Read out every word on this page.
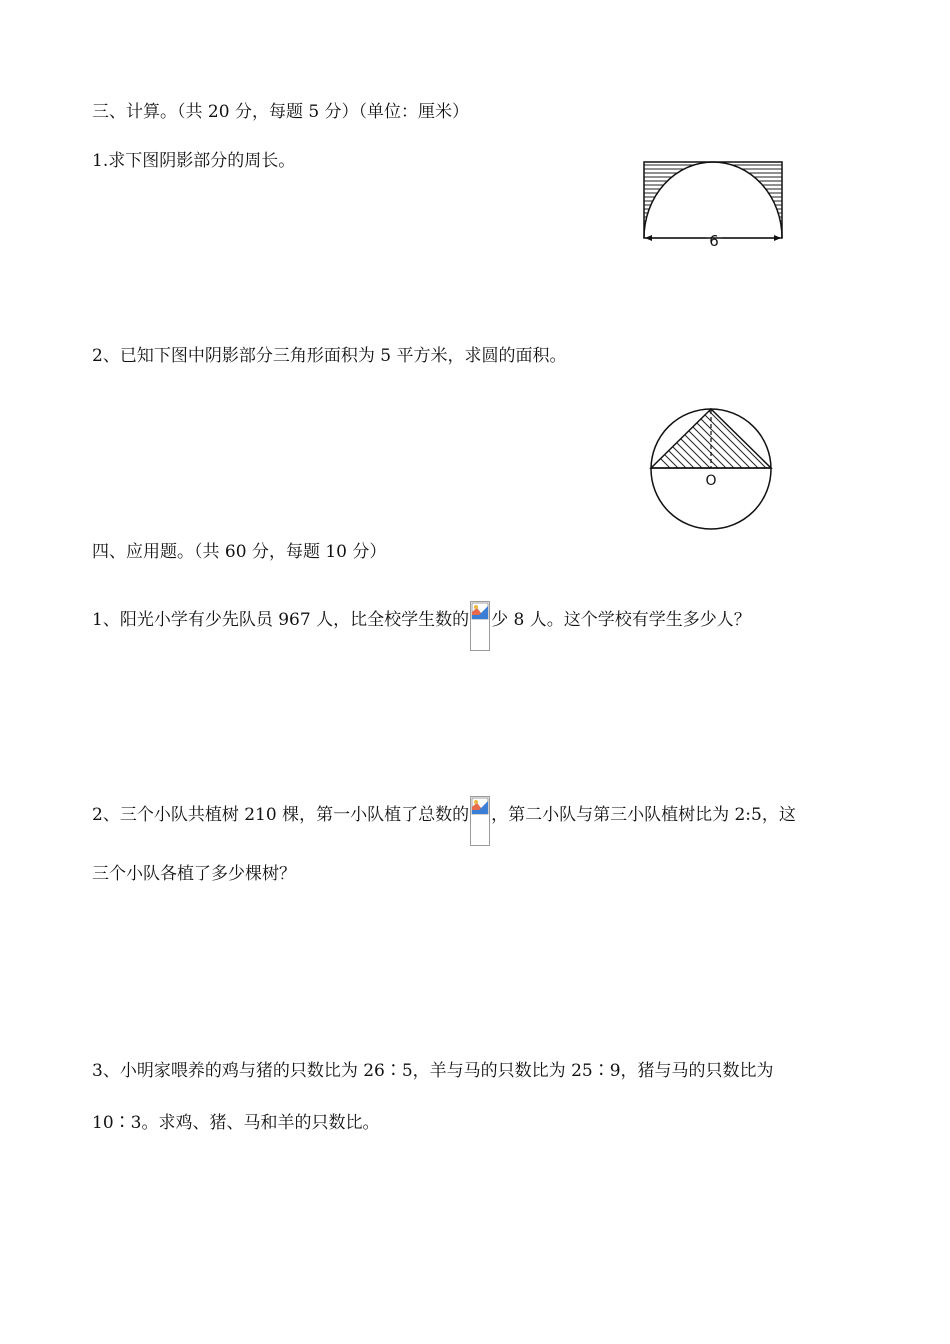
三、计算。（共 20 分，每题 5 分）（单位：厘米）
1.求下图阴影部分的周长。
6
2、已知下图中阴影部分三角形面积为 5 平方米，求圆的面积。
O
四、应用题。（共 60 分，每题 10 分）
1、阳光小学有少先队员 967 人，比全校学生数的 少 8 人。这个学校有学生多少人？
2、三个小队共植树 210 棵，第一小队植了总数的 ，第二小队与第三小队植树比为 2:5，这
三个小队各植了多少棵树？
3、小明家喂养的鸡与猪的只数比为 26∶5，羊与马的只数比为 25∶9，猪与马的只数比为
10∶3。求鸡、猪、马和羊的只数比。
